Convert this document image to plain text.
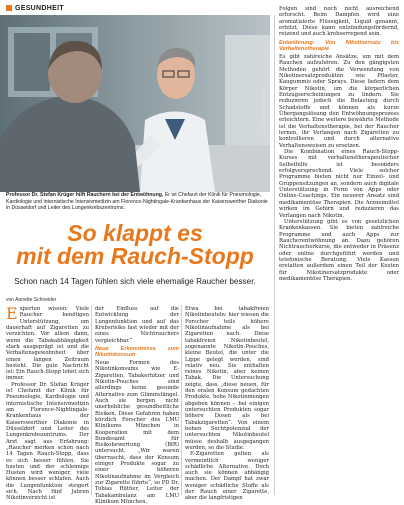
GESUNDHEIT
Foto: Ralf Hirschberger
Professor Dr. Stefan Krüger hilft Rauchern bei der Entwöhnung. Er ist Chefarzt der Klinik für Pneumologie, Kardiologie und internistische Intensivmedizin am Florence-Nightingale-Krankenhaus der Kaiserswerther Diakonie in Düsseldorf und Leiter des Lungenkrebszentrums.
So klappt es
mit dem Rauch-Stopp
Schon nach 14 Tagen fühlen sich viele ehemalige Raucher besser.
von Annette Schneider

Experten wissen: Viele Raucher benötigen Unterstützung, um dauerhaft auf Zigaretten zu verzichten. Vor allem dann, wenn die Tabakabhängigkeit stark ausgeprägt ist und die Verhaltensgewohnheit über einen langen Zeitraum besteht. Die gute Nachricht ist: Ein Rauch-Stopp lohnt sich immer.

Professor Dr. Stefan Krüger ist Chefarzt der Klinik für Pneumologie, Kardiologie und internistische Intensivmedizin am Florence-Nightingale-Krankenhaus der Kaiserswerther Diakonie in Düsseldorf und Leiter des Lungenkrebszentrums. Der Arzt sagt aus Erfahrung: „Raucher merken schon nach 14 Tagen Rauch-Stopp, dass es sich besser fühlen. Sie husten und der schleimige Husten wird weniger, viele können besser schlafen. Auch die Lungenfunktion steigert sich. Nach fünf Jahren Nikotinverzicht ist

der Einfluss auf die Entwicklung der Lungenfunktion und auf das Krebsrisiko fast wieder mit der eines Nichtrauchers vergleichbar.“

Neue Erkenntnisse zum Nikotinkonsum

Neue Formen des Nikotinkonsums wie E-Zigaretten, Tabakerhitzer und Nikotin-Pouches sind allerdings keine gesunde Alternative zum Glimmstängel. Auch sie bergen nicht unerhebliche gesundheitliche Risiken. Diese Gefahren haben kürzlich Forscher des LMU Klinikums München in Kooperation mit dem Bundesamt für Risikobewertung (BfR) untersucht. „Wir waren überrascht, dass der Konsum einiger Produkte sogar zu einer höheren Nikotinaufnahme im Vergleich zur Zigarette führte“, so PD Dr. Tobias Rüther, Leiter der Tabakambulanz am LMU Klinikum München.

Etwa bei tabakfreien Nikotinbeuteln: hier wiesen die Forscher teils höhere Nikotinaufnahme als bei Zigaretten nach. Diese tabakfreien Nikotinbeutel, sogenannte Nikotin-Pouches, kleine Beutel, die unter die Lippe gelegt werden, sind relativ neu. Sie enthalten reines Nikotin, aber keinen Tabak. Die Untersuchung zeigte, dass „diese neuen, für den oralen Konsum gedachten Produkte, hohe Nikotinmengen abgeben können – bei einigen untersuchten Produkten sogar höhere Dosen als bei Tabakzigaretten“. Von einem hohen Suchtpotenzial der untersuchten Nikotinbeutel müsse deshalb ausgegangen werden, so die Studie.

E-Zigaretten gelten als vermeintlich weniger schädliche Alternative. Doch auch sie können abhängig machen. Der Dampf hat zwar weniger schädliche Stoffe als der Rauch einer Zigarette, aber die langfristigen

Folgen sind noch nicht ausreichend erforscht. Beim Dampfen wird eine aromatisierte Flüssigkeit, Liquid genannt, erhitzt. Diese kann entzündungsfördernd, reizend und auch krebserregend sein.

Entwöhnung: Von Nikotinersatz bis Verhaltenstherapie

Es gibt zahlreiche Ansätze, um mit dem Rauchen aufzuhören. Zu den gängigsten Methoden gehört die Verwendung von Nikotinersatzprodukten wie Pflaster, Kaugummis oder Sprays. Diese liefern dem Körper Nikotin, um die körperlichen Entzugserscheinungen zu lindern. Sie reduzieren jedoch die Belastung durch Schadstoffe und können als kurze Übergangslösung den Entwöhnungsprozess erleichtern. Eine weitere bewährte Methode ist die Verhaltenstherapie, bei der Raucher lernen, ihr Verlangen nach Zigaretten zu kontrollieren und durch alternative Verhaltensweisen zu ersetzen.

Die Kombination eines Rauch-Stopp-Kurses mit verhaltenstherapeutischer Selbsthilfe ist besonders erfolgversprechend. Viele solcher Programme bieten nicht nur Einzel- und Gruppensitzungen an, sondern auch digitale Unterstützung in Form von Apps oder Online-Coachings. Ein neuerer Ansatz sind medikamentöse Therapien. Die Arzneimittel wirken im Gehirn und reduzieren das Verlangen nach Nikotin.

Unterstützung gibt es von gesetzlichen Krankenkassen. Sie bieten zahlreiche Programme und auch Apps zur Raucherentwöhnung an. Dazu gehören Nichtraucherkurse, die entweder in Präsenz oder online durchgeführt werden und telefonische Beratung. Viele Kassen erstatten außerdem einen Teil der Kosten für Nikotinersatzprodukte oder medikamentöse Therapien.
